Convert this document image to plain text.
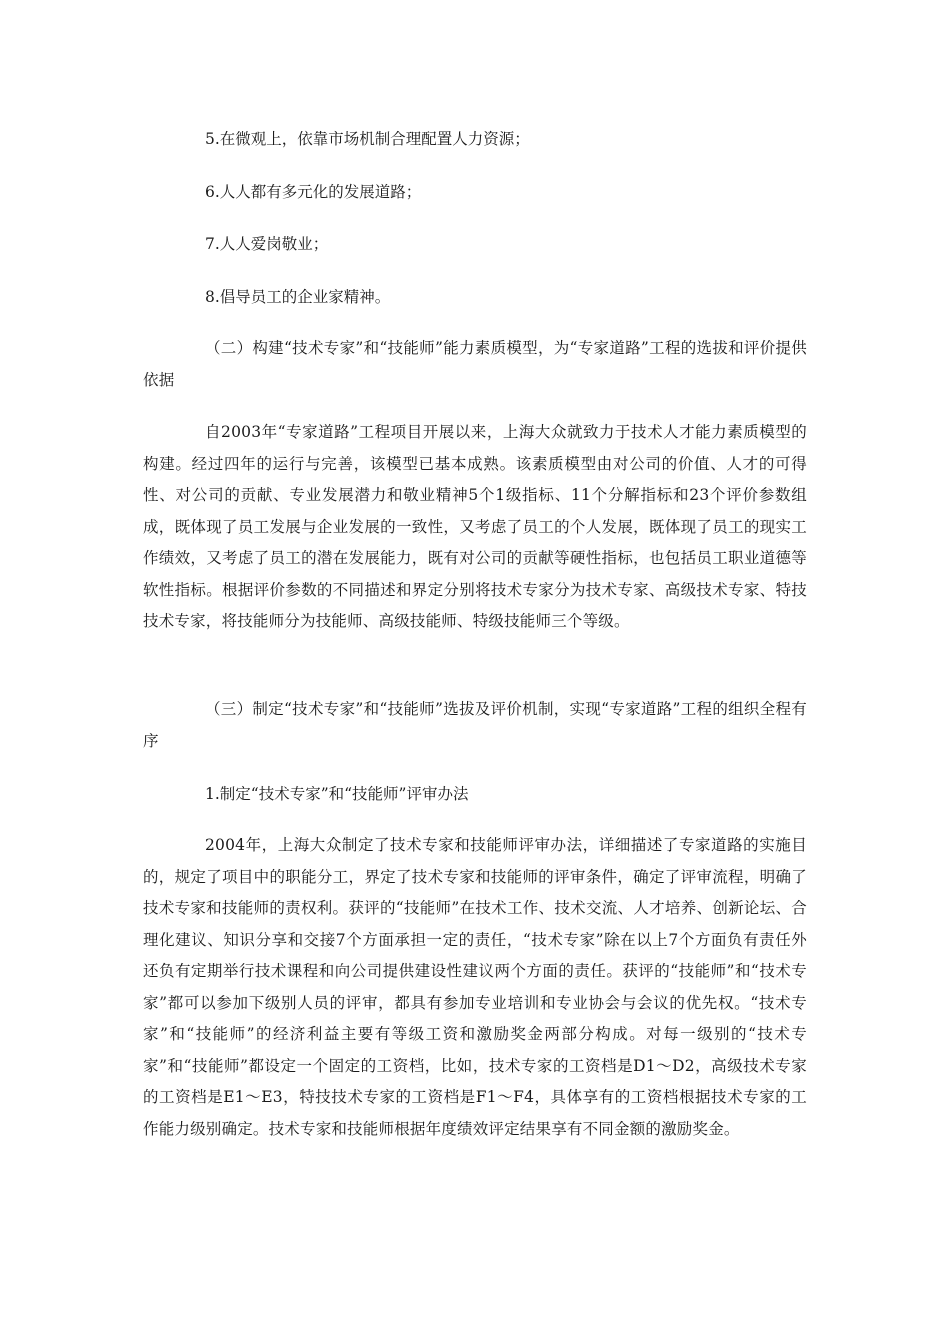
5.在微观上，依靠市场机制合理配置人力资源；

6.人人都有多元化的发展道路；

7.人人爱岗敬业；

8.倡导员工的企业家精神。

（二）构建“技术专家”和“技能师”能力素质模型，为“专家道路”工程的选拔和评价提供依据

自2003年“专家道路”工程项目开展以来，上海大众就致力于技术人才能力素质模型的构建。经过四年的运行与完善，该模型已基本成熟。该素质模型由对公司的价值、人才的可得性、对公司的贡献、专业发展潜力和敬业精神5个1级指标、11个分解指标和23个评价参数组成，既体现了员工发展与企业发展的一致性，又考虑了员工的个人发展，既体现了员工的现实工作绩效，又考虑了员工的潜在发展能力，既有对公司的贡献等硬性指标，也包括员工职业道德等软性指标。根据评价参数的不同描述和界定分别将技术专家分为技术专家、高级技术专家、特技技术专家，将技能师分为技能师、高级技能师、特级技能师三个等级。

（三）制定“技术专家”和“技能师”选拔及评价机制，实现“专家道路”工程的组织全程有序

1.制定“技术专家”和“技能师”评审办法

2004年，上海大众制定了技术专家和技能师评审办法，详细描述了专家道路的实施目的，规定了项目中的职能分工，界定了技术专家和技能师的评审条件，确定了评审流程，明确了技术专家和技能师的责权利。获评的“技能师”在技术工作、技术交流、人才培养、创新论坛、合理化建议、知识分享和交接7个方面承担一定的责任，“技术专家”除在以上7个方面负有责任外还负有定期举行技术课程和向公司提供建设性建议两个方面的责任。获评的“技能师”和“技术专家”都可以参加下级别人员的评审，都具有参加专业培训和专业协会与会议的优先权。“技术专家”和“技能师”的经济利益主要有等级工资和激励奖金两部分构成。对每一级别的“技术专家”和“技能师”都设定一个固定的工资档，比如，技术专家的工资档是D1～D2，高级技术专家的工资档是E1～E3，特技技术专家的工资档是F1～F4，具体享有的工资档根据技术专家的工作能力级别确定。技术专家和技能师根据年度绩效评定结果享有不同金额的激励奖金。
